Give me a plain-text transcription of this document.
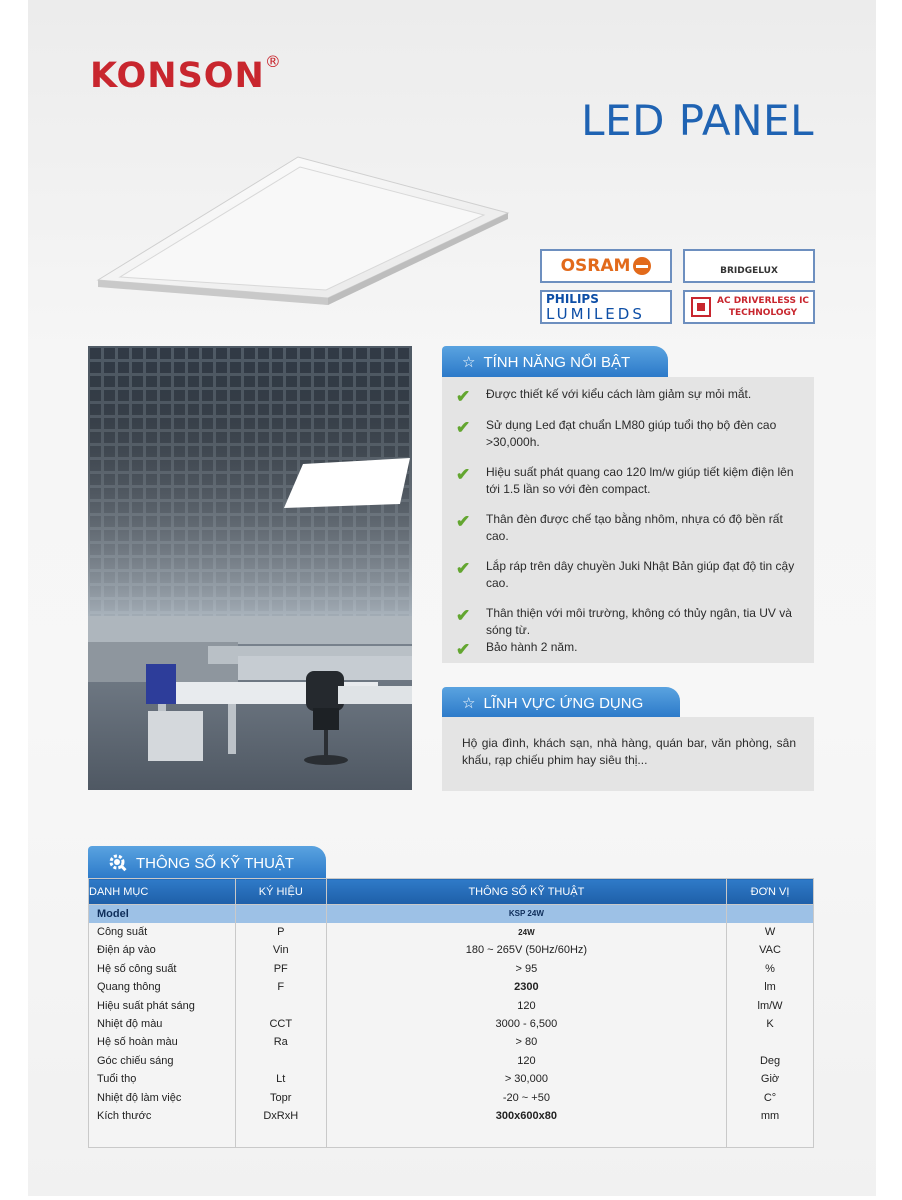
KONSON®
LED PANEL
OSRAM	BRIDGELUX
PHILIPS
LUMILEDS
AC DRIVERLESS IC
TECHNOLOGY
☆ TÍNH NĂNG NỔI BẬT
✔	Được thiết kế với kiểu cách làm giảm sự mỏi mắt.
✔	Sử dụng Led đạt chuẩn LM80 giúp tuổi thọ bộ đèn cao >30,000h.
✔	Hiệu suất phát quang cao 120 lm/w giúp tiết kiệm điện lên tới 1.5 lần so với đèn compact.
✔	Thân đèn được chế tạo bằng nhôm, nhựa có độ bền rất cao.
✔	Lắp ráp trên dây chuyền Juki Nhật Bản giúp đạt độ tin cậy cao.
✔	Thân thiện với môi trường, không có thủy ngân, tia UV và sóng từ.
✔	Bảo hành 2 năm.
☆ LĨNH VỰC ỨNG DỤNG
Hộ gia đình, khách sạn, nhà hàng, quán bar, văn phòng, sân khấu, rạp chiếu phim hay siêu thị...
THÔNG SỐ KỸ THUẬT
DANH MỤC	KÝ HIỆU	THÔNG SỐ KỸ THUẬT	ĐƠN VỊ
Model		KSP 24W	
Công suất	P	24W	W
Điện áp vào	Vin	180 ~ 265V (50Hz/60Hz)	VAC
Hệ số công suất	PF	> 95	%
Quang thông	F	2300	lm
Hiệu suất phát sáng		120	lm/W
Nhiệt độ màu	CCT	3000 - 6,500	K
Hệ số hoàn màu	Ra	> 80	
Góc chiếu sáng		120	Deg
Tuổi thọ	Lt	> 30,000	Giờ
Nhiệt độ làm việc	Topr	-20 ~ +50	C°
Kích thước	DxRxH	300x600x80	mm
